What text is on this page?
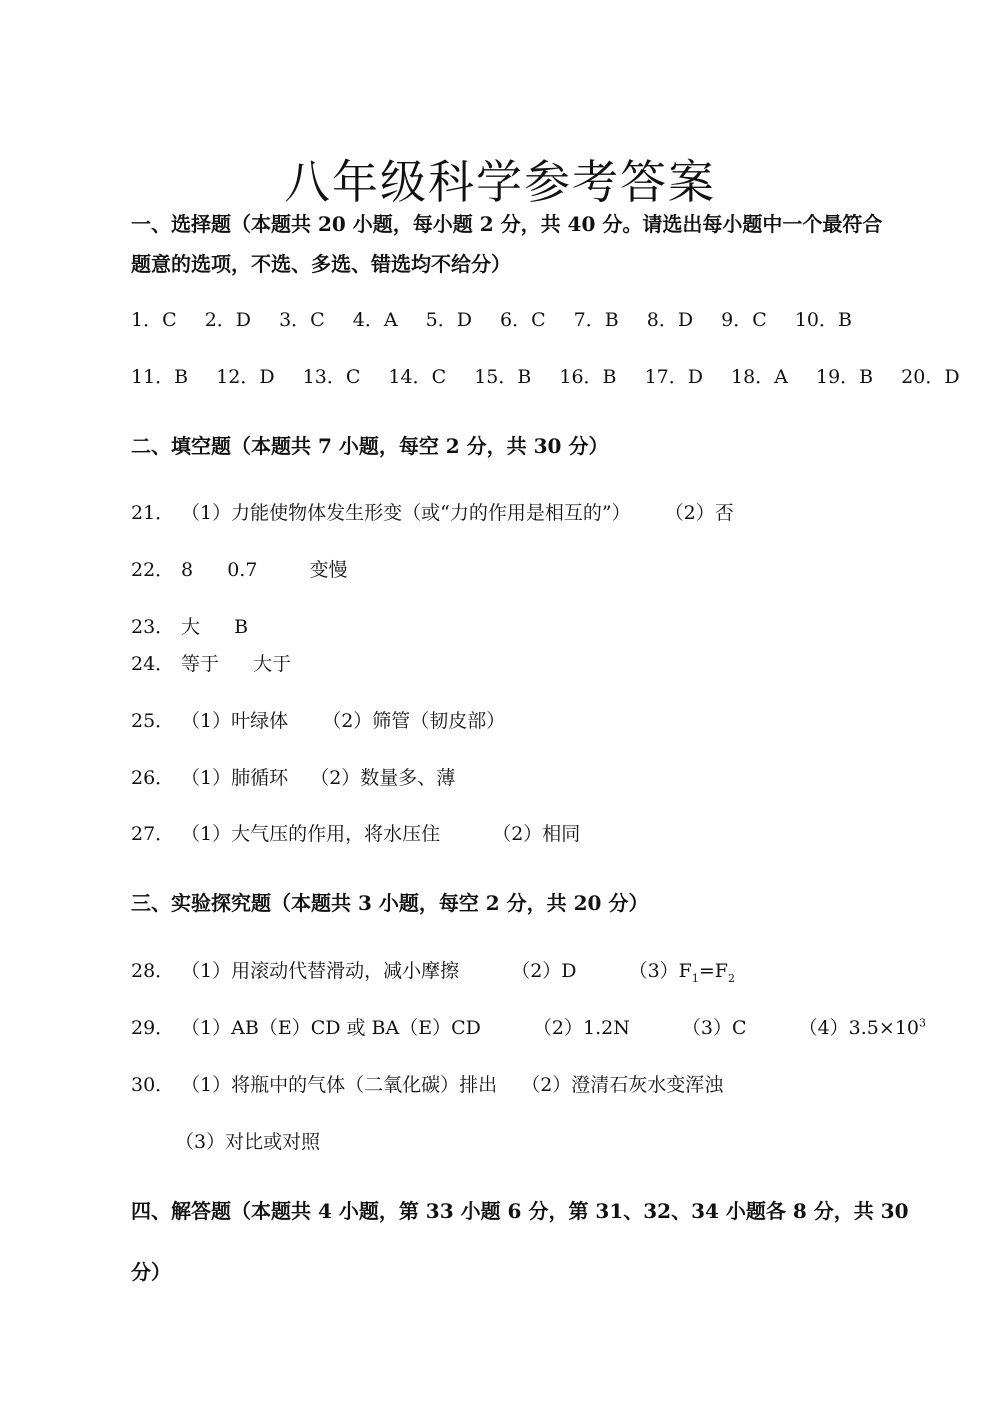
八年级科学参考答案
一、选择题（本题共 20 小题，每小题 2 分，共 40 分。请选出每小题中一个最符合
题意的选项，不选、多选、错选均不给分）
1．C 2．D 3．C 4．A 5．D 6．C 7．B 8．D 9．C 10．B
11．B 12．D 13．C 14．C 15．B 16．B 17．D 18．A 19．B 20．D
二、填空题（本题共 7 小题，每空 2 分，共 30 分）
21． （1）力能使物体发生形变（或“力的作用是相互的”） （2）否
22． 8 0.7	变慢
23． 大 B
24． 等于 大于
25． （1）叶绿体 （2）筛管（韧皮部）
26． （1）肺循环 （2）数量多、薄
27． （1）大气压的作用，将水压住	（2）相同
三、实验探究题（本题共 3 小题，每空 2 分，共 20 分）
28． （1）用滚动代替滑动，减小摩擦	（2）D	$(3)F_1=F_2$
29． （1）AB（E）CD 或 BA（E）CD	（2）1.2N	（3）C	$(4)3.5\times 10^3$
30． （1）将瓶中的气体（二氧化碳）排出 （2）澄清石灰水变浑浊
（3）对比或对照
四、解答题（本题共 4 小题，第 33 小题 6 分，第 31、32、34 小题各 8 分，共 30
分）
